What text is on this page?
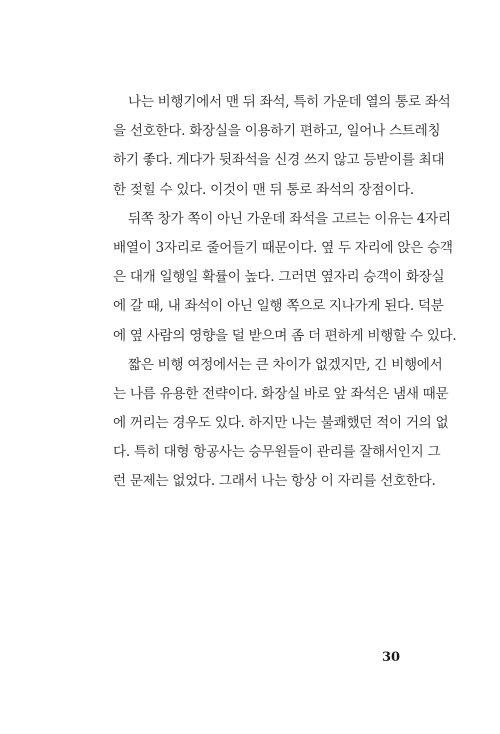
나는 비행기에서 맨 뒤 좌석, 특히 가운데 열의 통로 좌석
을 선호한다. 화장실을 이용하기 편하고, 일어나 스트레칭
하기 좋다. 게다가 뒷좌석을 신경 쓰지 않고 등받이를 최대
한 젖힐 수 있다. 이것이 맨 뒤 통로 좌석의 장점이다.
뒤쪽 창가 쪽이 아닌 가운데 좌석을 고르는 이유는 4자리
배열이 3자리로 줄어들기 때문이다. 옆 두 자리에 앉은 승객
은 대개 일행일 확률이 높다. 그러면 옆자리 승객이 화장실
에 갈 때, 내 좌석이 아닌 일행 쪽으로 지나가게 된다. 덕분
에 옆 사람의 영향을 덜 받으며 좀 더 편하게 비행할 수 있다.
짧은 비행 여정에서는 큰 차이가 없겠지만, 긴 비행에서
는 나름 유용한 전략이다. 화장실 바로 앞 좌석은 냄새 때문
에 꺼리는 경우도 있다. 하지만 나는 불쾌했던 적이 거의 없
다. 특히 대형 항공사는 승무원들이 관리를 잘해서인지 그
런 문제는 없었다. 그래서 나는 항상 이 자리를 선호한다.
30
